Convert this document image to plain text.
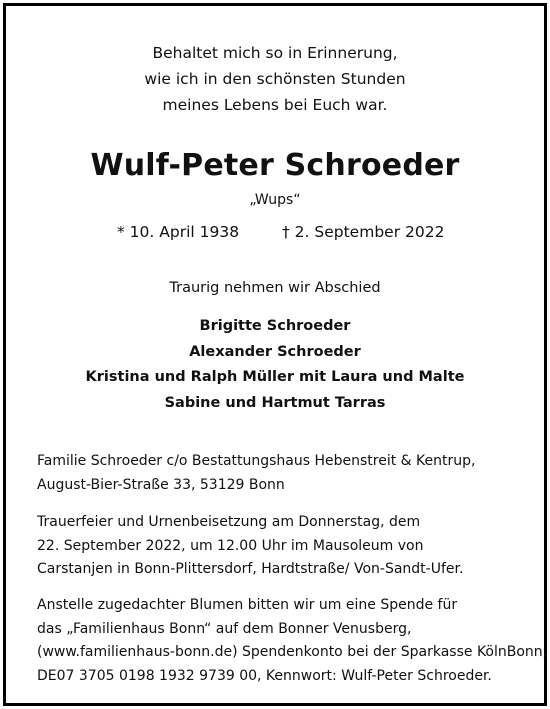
Behaltet mich so in Erinnerung,
wie ich in den schönsten Stunden
meines Lebens bei Euch war.
Wulf-Peter Schroeder
„Wups“
* 10. April 1938	† 2. September 2022
Traurig nehmen wir Abschied
Brigitte Schroeder
Alexander Schroeder
Kristina und Ralph Müller mit Laura und Malte
Sabine und Hartmut Tarras
Familie Schroeder c/o Bestattungshaus Hebenstreit & Kentrup,
August-Bier-Straße 33, 53129 Bonn
Trauerfeier und Urnenbeisetzung am Donnerstag, dem
22. September 2022, um 12.00 Uhr im Mausoleum von
Carstanjen in Bonn-Plittersdorf, Hardtstraße/ Von-Sandt-Ufer.
Anstelle zugedachter Blumen bitten wir um eine Spende für
das „Familienhaus Bonn“ auf dem Bonner Venusberg,
(www.familienhaus-bonn.de) Spendenkonto bei der Sparkasse KölnBonn,
DE07 3705 0198 1932 9739 00, Kennwort: Wulf-Peter Schroeder.
